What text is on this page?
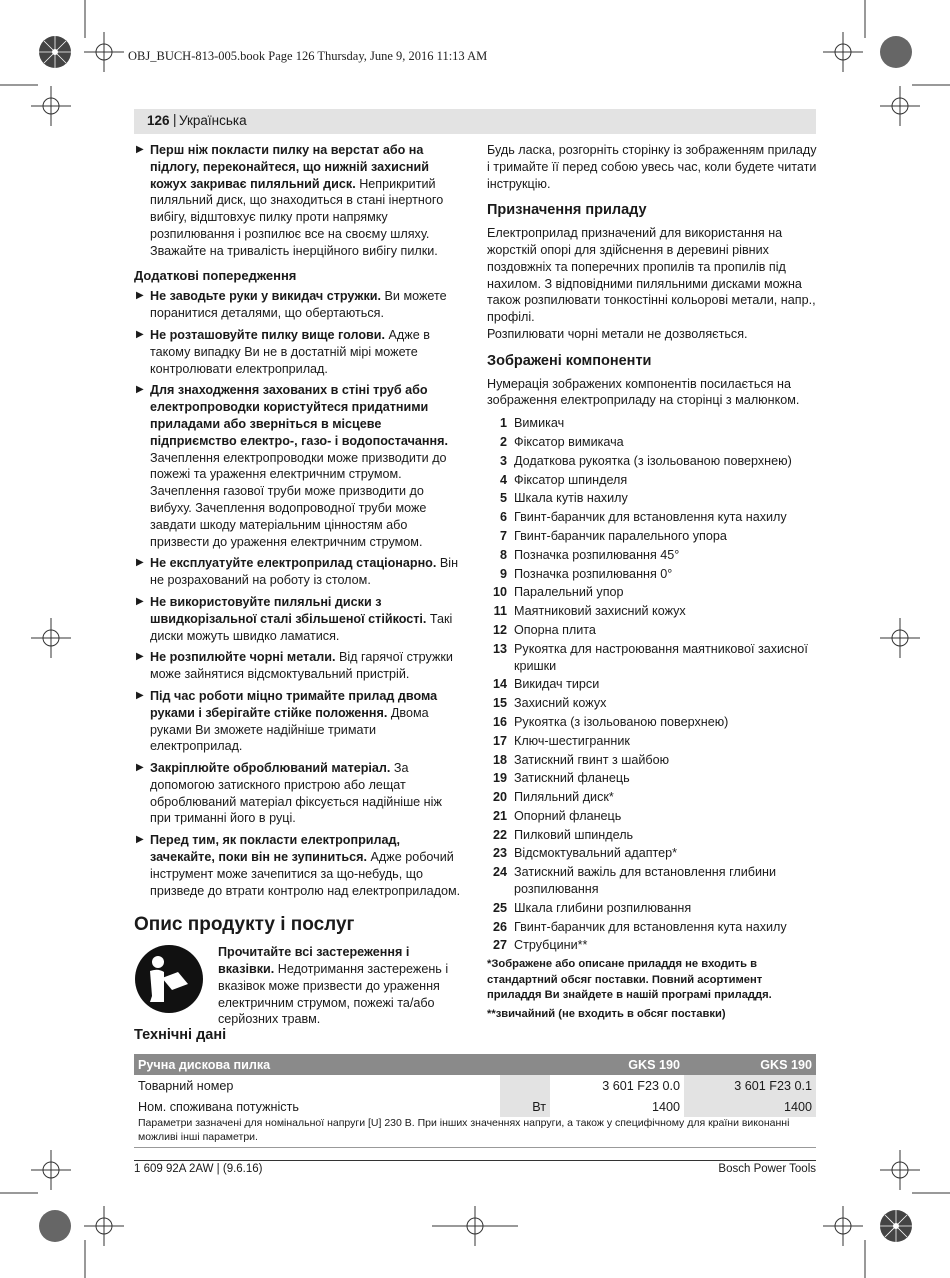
OBJ_BUCH-813-005.book Page 126 Thursday, June 9, 2016 11:13 AM
126 | Українська
▶ Перш ніж покласти пилку на верстат або на підлогу, переконайтеся, що нижній захисний кожух закриває пиляльний диск. Неприкритий пиляльний диск, що знаходиться в стані інертного вибігу, відштовхує пилку проти напрямку розпилювання і розпилює все на своєму шляху. Зважайте на тривалість інерційного вибігу пилки.
Додаткові попередження
▶ Не заводьте руки у викидач стружки. Ви можете поранитися деталями, що обертаються.
▶ Не розташовуйте пилку вище голови. Адже в такому випадку Ви не в достатній мірі можете контролювати електроприлад.
▶ Для знаходження захованих в стіні труб або електропроводки користуйтеся придатними приладами або зверніться в місцеве підприємство електро-, газо- і водопостачання. Зачеплення електропроводки може призводити до пожежі та ураження електричним струмом. Зачеплення газової труби може призводити до вибуху. Зачеплення водопроводної труби може завдати шкоду матеріальним цінностям або призвести до ураження електричним струмом.
▶ Не експлуатуйте електроприлад стаціонарно. Він не розрахований на роботу із столом.
▶ Не використовуйте пиляльні диски з швидкорізальної сталі збільшеної стійкості. Такі диски можуть швидко ламатися.
▶ Не розпилюйте чорні метали. Від гарячої стружки може зайнятися відсмоктувальний пристрій.
▶ Під час роботи міцно тримайте прилад двома руками і зберігайте стійке положення. Двома руками Ви зможете надійніше тримати електроприлад.
▶ Закріплюйте оброблюваний матеріал. За допомогою затискного пристрою або лещат оброблюваний матеріал фіксується надійніше ніж при триманні його в руці.
▶ Перед тим, як покласти електроприлад, зачекайте, поки він не зупиниться. Адже робочий інструмент може зачепитися за що-небудь, що призведе до втрати контролю над електроприладом.
Опис продукту і послуг
Прочитайте всі застереження і вказівки. Недотримання застережень і вказівок може призвести до ураження електричним струмом, пожежі та/або серйозних травм.
Будь ласка, розгорніть сторінку із зображенням приладу і тримайте її перед собою увесь час, коли будете читати інструкцію.
Призначення приладу
Електроприлад призначений для використання на жорсткій опорі для здійснення в деревині рівних поздовжніх та поперечних пропилів та пропилів під нахилом. З відповідними пиляльними дисками можна також розпилювати тонкостінні кольорові метали, напр., профілі.
Розпилювати чорні метали не дозволяється.
Зображені компоненти
Нумерація зображених компонентів посилається на зображення електроприладу на сторінці з малюнком.
1 Вимикач
2 Фіксатор вимикача
3 Додаткова рукоятка (з ізольованою поверхнею)
4 Фіксатор шпинделя
5 Шкала кутів нахилу
6 Гвинт-баранчик для встановлення кута нахилу
7 Гвинт-баранчик паралельного упора
8 Позначка розпилювання 45°
9 Позначка розпилювання 0°
10 Паралельний упор
11 Маятниковий захисний кожух
12 Опорна плита
13 Рукоятка для настроювання маятникової захисної кришки
14 Викидач тирси
15 Захисний кожух
16 Рукоятка (з ізольованою поверхнею)
17 Ключ-шестигранник
18 Затискний гвинт з шайбою
19 Затискний фланець
20 Пиляльний диск*
21 Опорний фланець
22 Пилковий шпиндель
23 Відсмоктувальний адаптер*
24 Затискний важіль для встановлення глибини розпилювання
25 Шкала глибини розпилювання
26 Гвинт-баранчик для встановлення кута нахилу
27 Струбцини**
*Зображене або описане приладдя не входить в стандартний обсяг поставки. Повний асортимент приладдя Ви знайдете в нашій програмі приладдя.
**звичайний (не входить в обсяг поставки)
Технічні дані
Ручна дискова пилка		GKS 190	GKS 190
Товарний номер		3 601 F23 0.0	3 601 F23 0.1
Ном. споживана потужність	Вт	1400	1400
Параметри зазначені для номінальної напруги [U] 230 В. При інших значеннях напруги, а також у специфічному для країни виконанні можливі інші параметри.
1 609 92A 2AW | (9.6.16)	Bosch Power Tools
